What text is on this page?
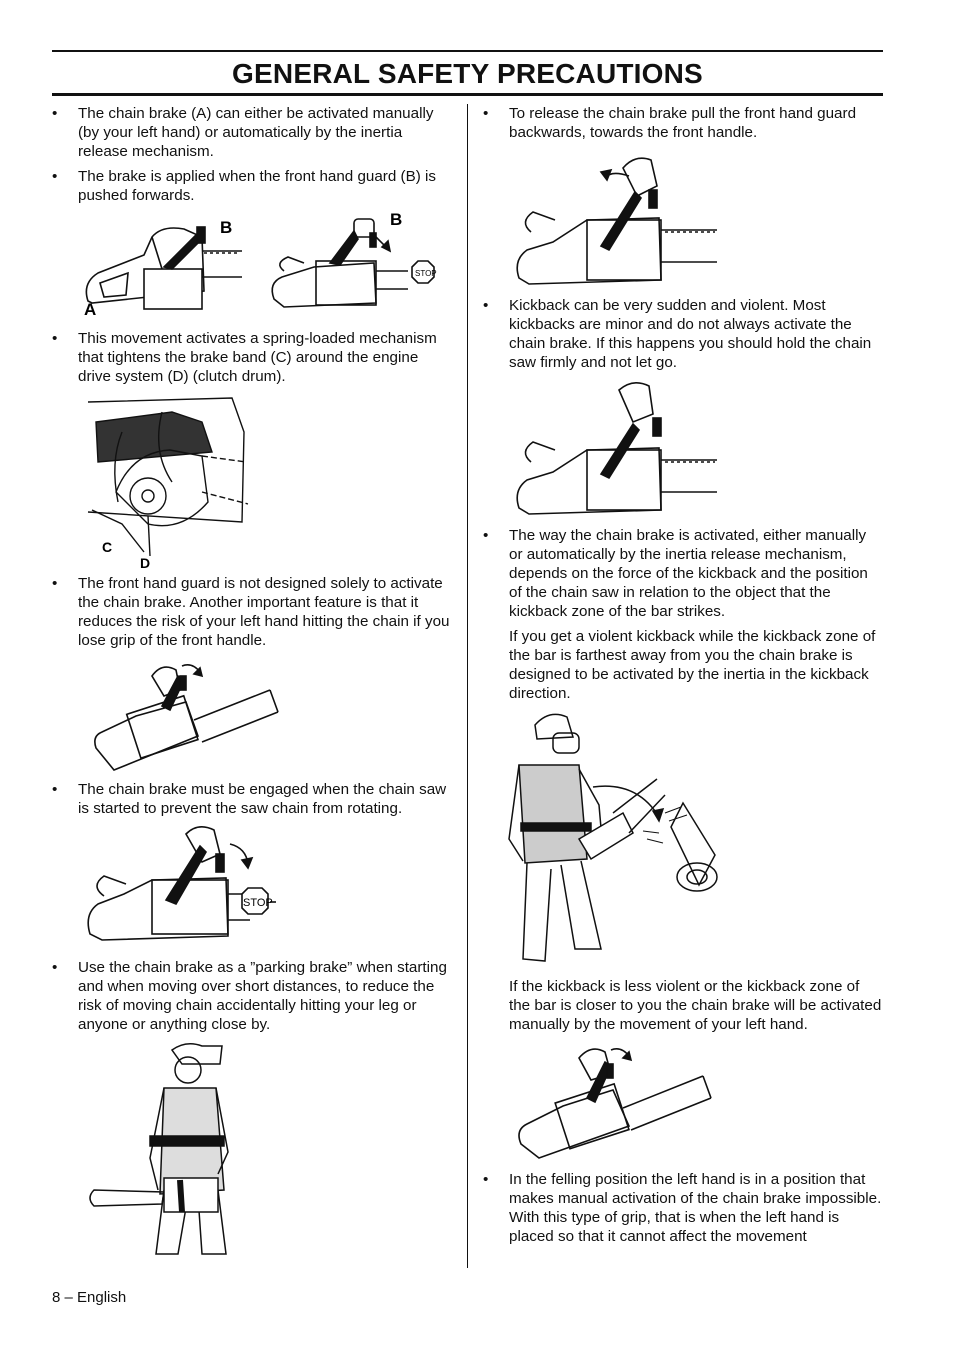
GENERAL SAFETY PRECAUTIONS
•	The chain brake (A) can either be activated manually (by your left hand) or automatically by the inertia release mechanism.
•	The brake is applied when the front hand guard (B) is pushed forwards.
A
B	B
STOP
•	This movement activates a spring-loaded mechanism that tightens the brake band (C) around the engine drive system (D) (clutch drum).
C
D
•	The front hand guard is not designed solely to activate the chain brake. Another important feature is that it reduces the risk of your left hand hitting the chain if you lose grip of the front handle.
•	The chain brake must be engaged when the chain saw is started to prevent the saw chain from rotating.
STOP
•	Use the chain brake as a ”parking brake” when starting and when moving over short distances, to reduce the risk of moving chain accidentally hitting your leg or anyone or anything close by.
•	To release the chain brake pull the front hand guard backwards, towards the front handle.
•	Kickback can be very sudden and violent. Most kickbacks are minor and do not always activate the chain brake. If this happens you should hold the chain saw firmly and not let go.
•	The way the chain brake is activated, either manually or automatically by the inertia release mechanism, depends on the force of the kickback and the position of the chain saw in relation to the object that the kickback zone of the bar strikes.
If you get a violent kickback while the kickback zone of the bar is farthest away from you the chain brake is designed to be activated by the inertia in the kickback direction.
If the kickback is less violent or the kickback zone of the bar is closer to you the chain brake will be activated manually by the movement of your left hand.
•	In the felling position the left hand is in a position that makes manual activation of the chain brake impossible. With this type of grip, that is when the left hand is placed so that it cannot affect the movement
8 – English
